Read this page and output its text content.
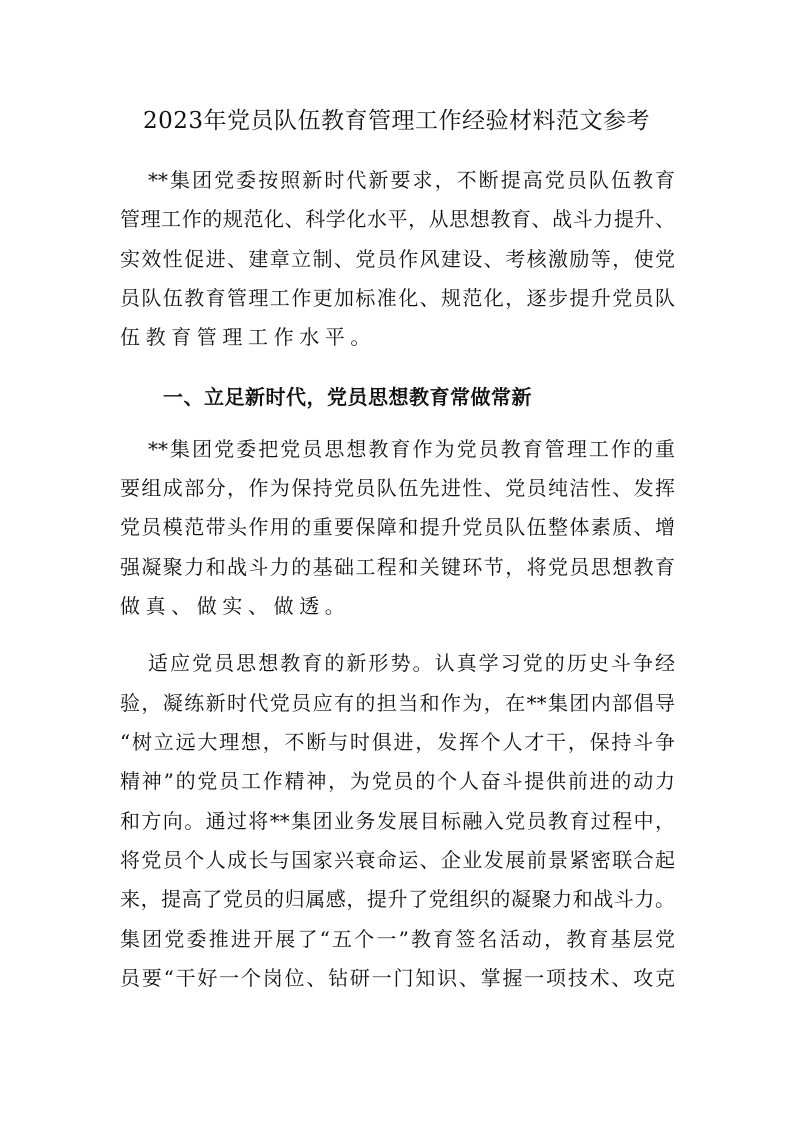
2023年党员队伍教育管理工作经验材料范文参考
**集团党委按照新时代新要求，不断提高党员队伍教育
管理工作的规范化、科学化水平，从思想教育、战斗力提升、
实效性促进、建章立制、党员作风建设、考核激励等，使党
员队伍教育管理工作更加标准化、规范化，逐步提升党员队
伍教育管理工作水平。
一、立足新时代，党员思想教育常做常新
**集团党委把党员思想教育作为党员教育管理工作的重
要组成部分，作为保持党员队伍先进性、党员纯洁性、发挥
党员模范带头作用的重要保障和提升党员队伍整体素质、增
强凝聚力和战斗力的基础工程和关键环节，将党员思想教育
做真、做实、做透。
适应党员思想教育的新形势。认真学习党的历史斗争经
验，凝练新时代党员应有的担当和作为，在**集团内部倡导
“树立远大理想，不断与时俱进，发挥个人才干，保持斗争
精神”的党员工作精神，为党员的个人奋斗提供前进的动力
和方向。通过将**集团业务发展目标融入党员教育过程中，
将党员个人成长与国家兴衰命运、企业发展前景紧密联合起
来，提高了党员的归属感，提升了党组织的凝聚力和战斗力。
集团党委推进开展了“五个一”教育签名活动，教育基层党
员要“干好一个岗位、钻研一门知识、掌握一项技术、攻克
